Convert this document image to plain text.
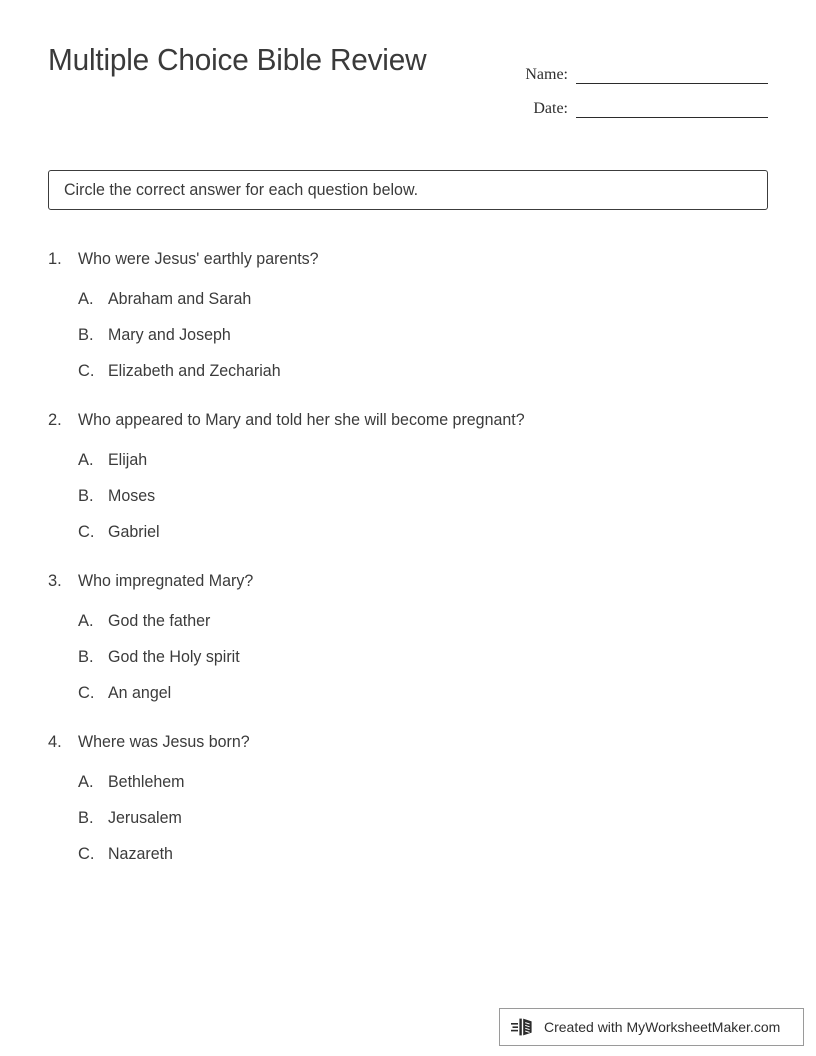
Multiple Choice Bible Review	Name:
Date:
Circle the correct answer for each question below.
1. Who were Jesus' earthly parents?
A. Abraham and Sarah
B. Mary and Joseph
C. Elizabeth and Zechariah
2. Who appeared to Mary and told her she will become pregnant?
A. Elijah
B. Moses
C. Gabriel
3. Who impregnated Mary?
A. God the father
B. God the Holy spirit
C. An angel
4. Where was Jesus born?
A. Bethlehem
B. Jerusalem
C. Nazareth
Created with MyWorksheetMaker.com
